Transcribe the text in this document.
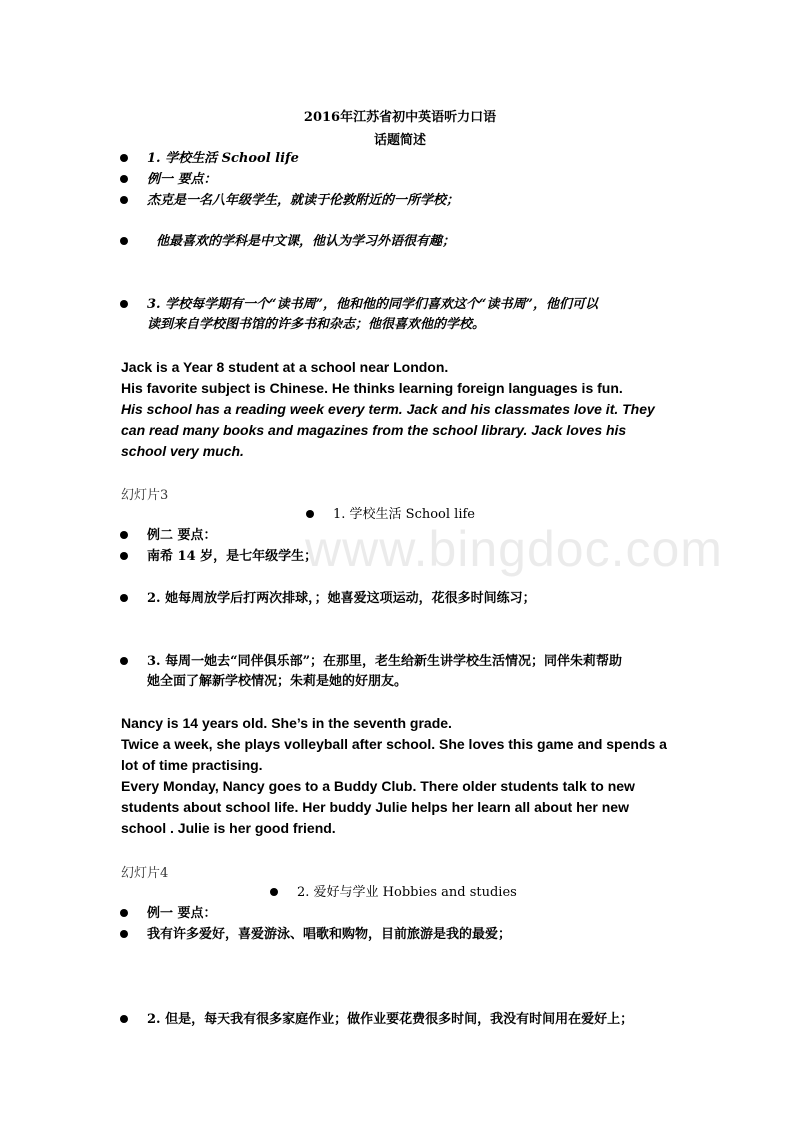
2016年江苏省初中英语听力口语
话题简述
1. 学校生活 School life
例一 要点：
杰克是一名八年级学生，就读于伦敦附近的一所学校；
他最喜欢的学科是中文课，他认为学习外语很有趣；
3. 学校每学期有一个“读书周”，他和他的同学们喜欢这个“读书周”，他们可以
读到来自学校图书馆的许多书和杂志；他很喜欢他的学校。
Jack is a Year 8 student at a school near London.
His favorite subject is Chinese. He thinks learning foreign languages is fun.
His school has a reading week every term. Jack and his classmates love it. They
can read many books and magazines from the school library. Jack loves his
school very much.
幻灯片3
1. 学校生活 School life
例二 要点：
南希 14 岁，是七年级学生；
2. 她每周放学后打两次排球，；她喜爱这项运动，花很多时间练习；
3. 每周一她去“同伴俱乐部”；在那里，老生给新生讲学校生活情况；同伴朱莉帮助
她全面了解新学校情况；朱莉是她的好朋友。
Nancy is 14 years old. She’s in the seventh grade.
Twice a week, she plays volleyball after school. She loves this game and spends a
lot of time practising.
Every Monday, Nancy goes to a Buddy Club. There older students talk to new
students about school life. Her buddy Julie helps her learn all about her new
school . Julie is her good friend.
幻灯片4
2. 爱好与学业 Hobbies and studies
例一 要点：
我有许多爱好，喜爱游泳、唱歌和购物，目前旅游是我的最爱；
2. 但是，每天我有很多家庭作业；做作业要花费很多时间，我没有时间用在爱好上；
www.bingdoc.com
